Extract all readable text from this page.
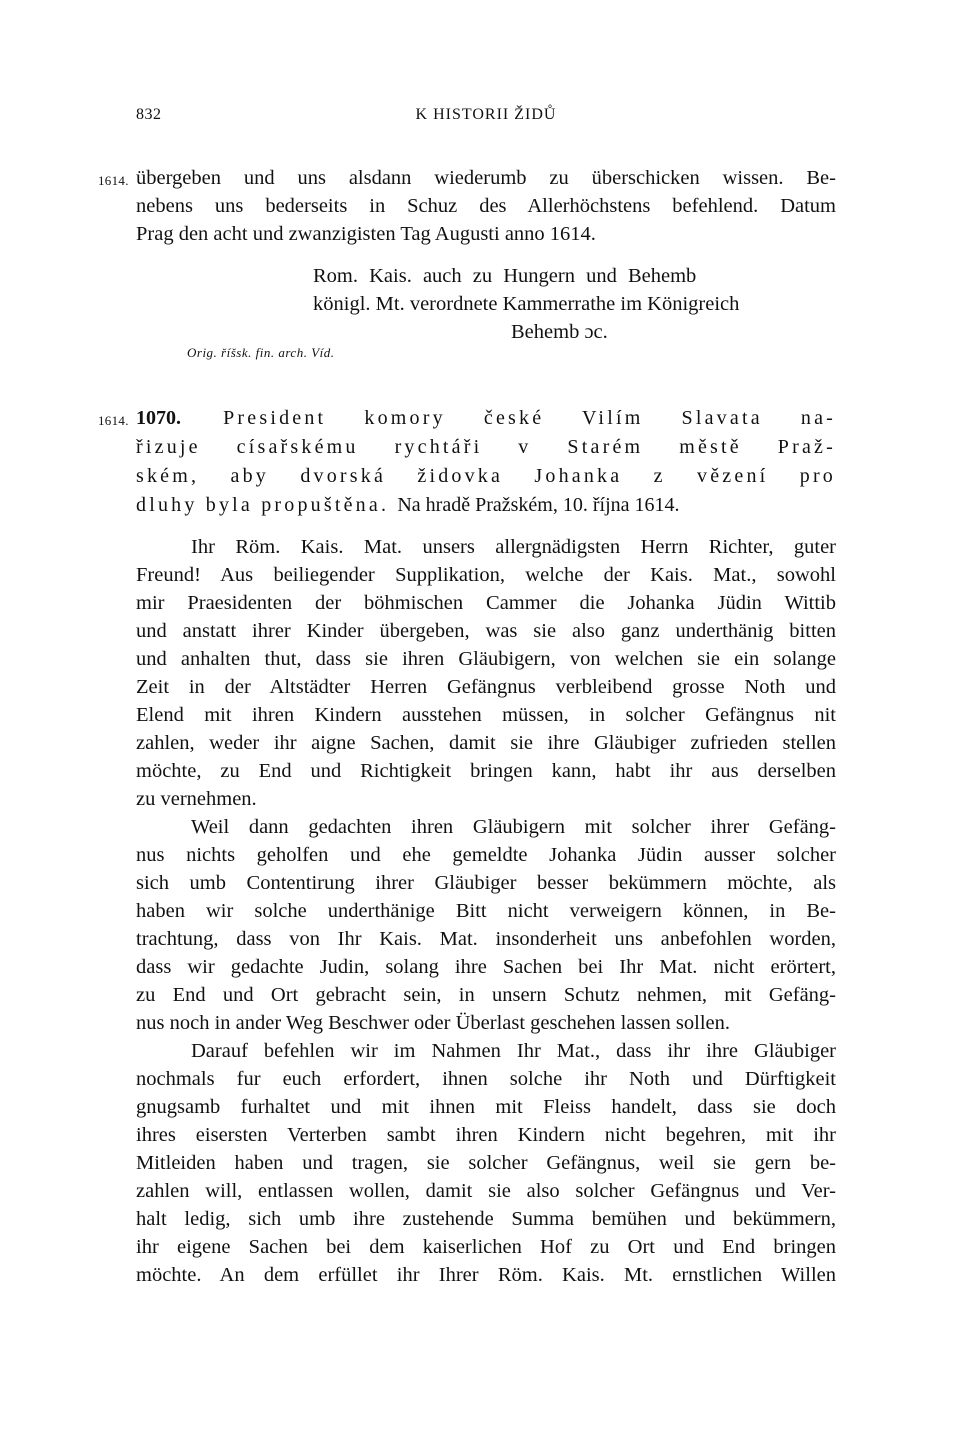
832	K HISTORII ŽIDŮ
1614. übergeben und uns alsdann wiederumb zu überschicken wissen. Be-

nebens uns bederseits in Schuz des Allerhöchstens befehlend. Datum

Prag den acht und zwanzigisten Tag Augusti anno 1614.

Rom. Kais. auch zu Hungern und Behemb
königl. Mt. verordnete Kammerrathe im Königreich
Behemb ɔc.
Orig. říšsk. fin. arch. Víd.
1614. 1070. President komory české Vilím Slavata na-
řizuje císařskému rychtáři v Starém městě Praž-
ském, aby dvorská židovka Johanka z vězení pro
dluhy byla propuštěna. Na hradě Pražském, 10. října 1614.
Ihr Röm. Kais. Mat. unsers allergnädigsten Herrn Richter, guter
Freund! Aus beiliegender Supplikation, welche der Kais. Mat., sowohl
mir Praesidenten der böhmischen Cammer die Johanka Jüdin Wittib
und anstatt ihrer Kinder übergeben, was sie also ganz underthänig bitten
und anhalten thut, dass sie ihren Gläubigern, von welchen sie ein solange
Zeit in der Altstädter Herren Gefängnus verbleibend grosse Noth und
Elend mit ihren Kindern ausstehen müssen, in solcher Gefängnus nit
zahlen, weder ihr aigne Sachen, damit sie ihre Gläubiger zufrieden stellen
möchte, zu End und Richtigkeit bringen kann, habt ihr aus derselben
zu vernehmen.
Weil dann gedachten ihren Gläubigern mit solcher ihrer Gefäng-
nus nichts geholfen und ehe gemeldte Johanka Jüdin ausser solcher
sich umb Contentirung ihrer Gläubiger besser bekümmern möchte, als
haben wir solche underthänige Bitt nicht verweigern können, in Be-
trachtung, dass von Ihr Kais. Mat. insonderheit uns anbefohlen worden,
dass wir gedachte Judin, solang ihre Sachen bei Ihr Mat. nicht erörtert,
zu End und Ort gebracht sein, in unsern Schutz nehmen, mit Gefäng-
nus noch in ander Weg Beschwer oder Überlast geschehen lassen sollen.
Darauf befehlen wir im Nahmen Ihr Mat., dass ihr ihre Gläubiger
nochmals fur euch erfordert, ihnen solche ihr Noth und Dürftigkeit
gnugsamb furhaltet und mit ihnen mit Fleiss handelt, dass sie doch
ihres eisersten Verterben sambt ihren Kindern nicht begehren, mit ihr
Mitleiden haben und tragen, sie solcher Gefängnus, weil sie gern be-
zahlen will, entlassen wollen, damit sie also solcher Gefängnus und Ver-
halt ledig, sich umb ihre zustehende Summa bemühen und bekümmern,
ihr eigene Sachen bei dem kaiserlichen Hof zu Ort und End bringen
möchte. An dem erfüllet ihr Ihrer Röm. Kais. Mt. ernstlichen Willen
